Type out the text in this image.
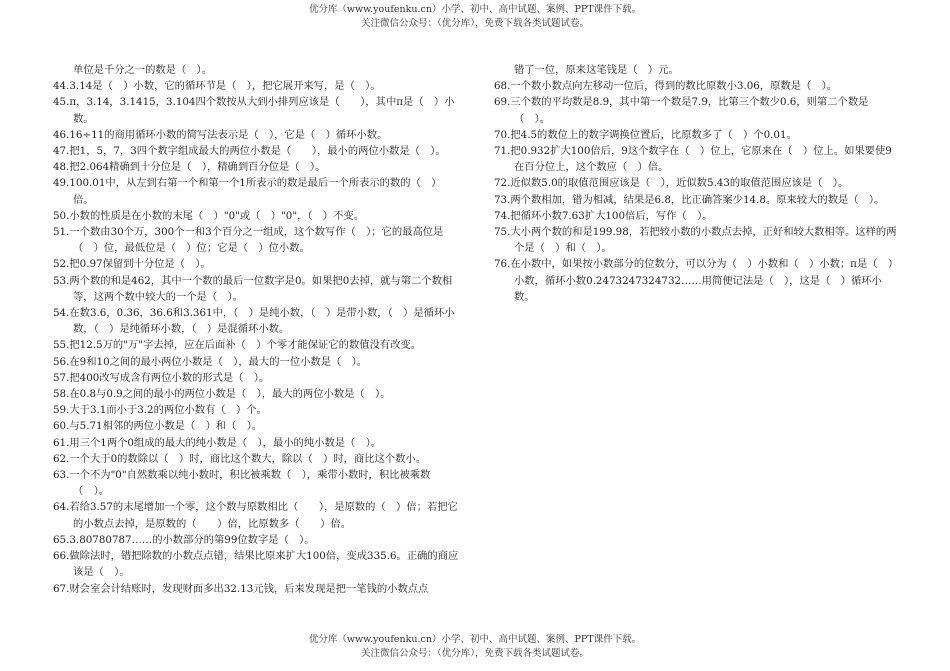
优分库（www.youfenku.cn）小学、初中、高中试题、案例、PPT课件下载。
关注微信公众号：（优分库），免费下载各类试题试卷。

单位是千分之一的数是（　）。

44.3.14是（　）小数，它的循环节是（　），把它展开来写，是（　）。

45.π，3.14，3.1415，3.104四个数按从大到小排列应该是（　　），其中π是（　）小数。

46.16÷11的商用循环小数的简写法表示是（　），它是（　）循环小数。

47.把1，5，7，3四个数字组成最大的两位小数是（　　），最小的两位小数是（　）。

48.把2.064精确到十分位是（　），精确到百分位是（　）。

49.100.01中，从左到右第一个和第一个1所表示的数是最后一个所表示的数的（　）倍。

50.小数的性质是在小数的末尾（　）"0"或（　）"0"，（　）不变。

51.一个数由30个万，300个一和3个百分之一组成，这个数写作（　）；它的最高位是（　）位，最低位是（　）位；它是（　）位小数。

52.把0.97保留到十分位是（　）。

53.两个数的和是462，其中一个数的最后一位数字是0。如果把0去掉，就与第二个数相等，这两个数中较大的一个是（　）。

54.在数3.6，0.36，36.6和3.361中，（　）是纯小数，（　）是带小数，（　）是循环小数，（　）是纯循环小数，（　）是混循环小数。

55.把12.5万的"万"字去掉，应在后面补（　）个零才能保证它的数值没有改变。

56.在9和10之间的最小两位小数是（　），最大的一位小数是（　）。

57.把400改写成含有两位小数的形式是（　）。

58.在0.8与0.9之间的最小的两位小数是（　），最大的两位小数是（　）。

59.大于3.1而小于3.2的两位小数有（　）个。

60.与5.71相邻的两位小数是（　）和（　）。

61.用三个1两个0组成的最大的纯小数是（　），最小的纯小数是（　）。

62.一个大于0的数除以（　）时，商比这个数大，除以（　）时，商比这个数小。

63.一个不为"0"自然数乘以纯小数时，积比被乘数（　），乘带小数时，积比被乘数（　）。

64.若给3.57的末尾增加一个零，这个数与原数相比（　　），是原数的（　）倍；若把它的小数点去掉，是原数的（　　）倍，比原数多（　　）倍。

65.3.80780787……的小数部分的第99位数字是（　）。

66.做除法时，错把除数的小数点点错，结果比原来扩大100倍，变成335.6。正确的商应该是（　）。

67.财会室会计结账时，发现财面多出32.13元钱，后来发现是把一笔钱的小数点点

错了一位，原来这笔钱是（　）元。

68.一个数小数点向左移动一位后，得到的数比原数小3.06，原数是（　）。

69.三个数的平均数是8.9，其中第一个数是7.9，比第三个数少0.6，则第二个数是（　）。

70.把4.5的数位上的数字调换位置后，比原数多了（　）个0.01。

71.把0.932扩大100倍后，9这个数字在（　）位上，它原来在（　）位上。如果要使9在百分位上，这个数应（　）倍。

72.近似数5.0的取值范围应该是（　），近似数5.43的取值范围应该是（　）。

73.两个数相加，错为相减，结果是6.8，比正确答案少14.8。原来较大的数是（　）。

74.把循环小数7.63扩大100倍后，写作（　）。

75.大小两个数的和是199.98，若把较小数的小数点去掉，正好和较大数相等。这样的两个是（　）和（　）。

76.在小数中，如果按小数部分的位数分，可以分为（　）小数和（　）小数；π是（　）小数，循环小数0.2473247324732……用简便记法是（　），这是（　）循环小数。

优分库（www.youfenku.cn）小学、初中、高中试题、案例、PPT课件下载。
关注微信公众号：（优分库），免费下载各类试题试卷。
